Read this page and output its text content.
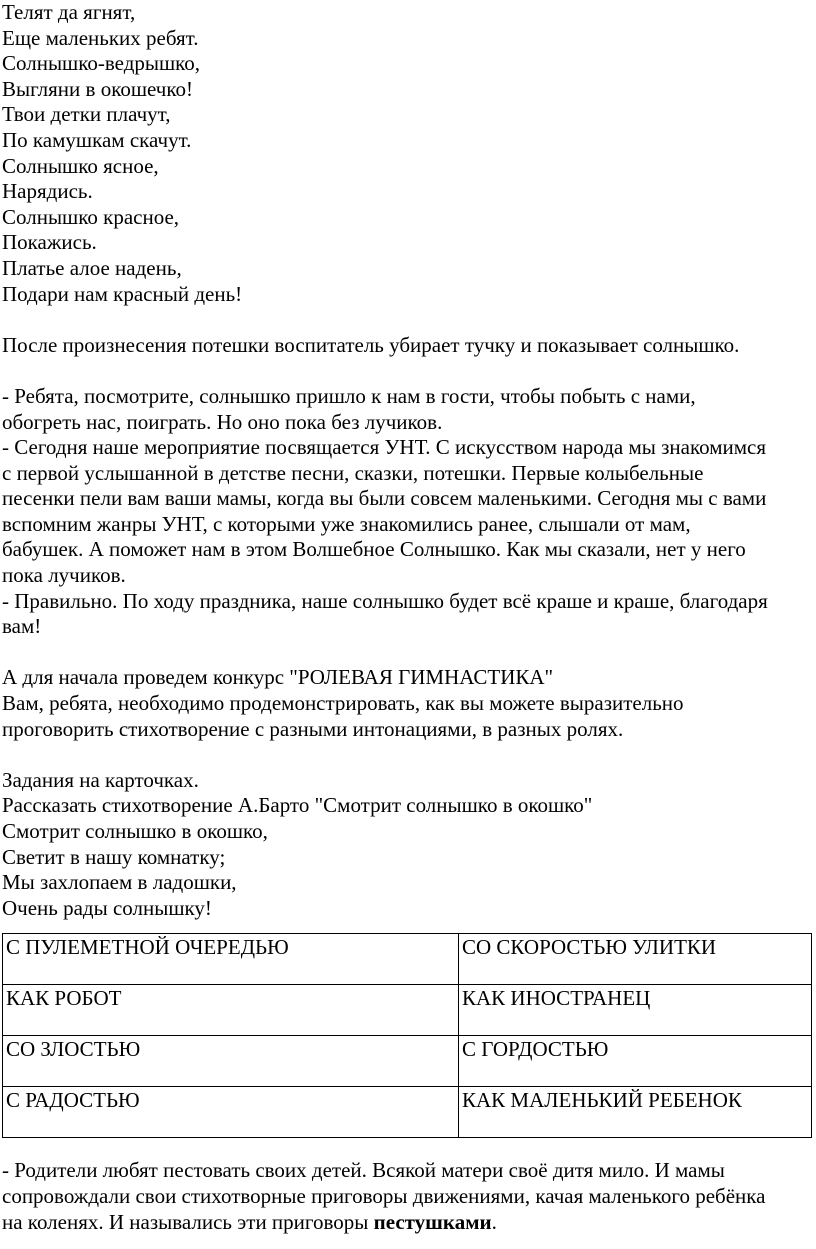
Телят да ягнят,
Еще маленьких ребят.
Солнышко-ведрышко,
Выгляни в окошечко!
Твои детки плачут,
По камушкам скачут.
Солнышко ясное,
Нарядись.
Солнышко красное,
Покажись.
Платье алое надень,
Подари нам красный день!
После произнесения потешки воспитатель убирает тучку и показывает солнышко.
- Ребята, посмотрите, солнышко пришло к нам в гости, чтобы побыть с нами,
обогреть нас, поиграть. Но оно пока без лучиков.
- Сегодня наше мероприятие посвящается УНТ. С искусством народа мы знакомимся
с первой услышанной в детстве песни, сказки, потешки. Первые колыбельные
песенки пели вам ваши мамы, когда вы были совсем маленькими. Сегодня мы с вами
вспомним жанры УНТ, с которыми уже знакомились ранее, слышали от мам,
бабушек. А поможет нам в этом Волшебное Солнышко. Как мы сказали, нет у него
пока лучиков.
- Правильно. По ходу праздника, наше солнышко будет всё краше и краше, благодаря
вам!
А для начала проведем конкурс "РОЛЕВАЯ ГИМНАСТИКА"
Вам, ребята, необходимо продемонстрировать, как вы можете выразительно
проговорить стихотворение с разными интонациями, в разных ролях.
Задания на карточках.
Рассказать стихотворение А.Барто "Смотрит солнышко в окошко"
Смотрит солнышко в окошко,
Светит в нашу комнатку;
Мы захлопаем в ладошки,
Очень рады солнышку!
С ПУЛЕМЕТНОЙ ОЧЕРЕДЬЮ	СО СКОРОСТЬЮ УЛИТКИ
КАК РОБОТ	КАК ИНОСТРАНЕЦ
СО ЗЛОСТЬЮ	С ГОРДОСТЬЮ
С РАДОСТЬЮ	КАК МАЛЕНЬКИЙ РЕБЕНОК
- Родители любят пестовать своих детей. Всякой матери своё дитя мило. И мамы
сопровождали свои стихотворные приговоры движениями, качая маленького ребёнка
на коленях. И назывались эти приговоры пестушками.
